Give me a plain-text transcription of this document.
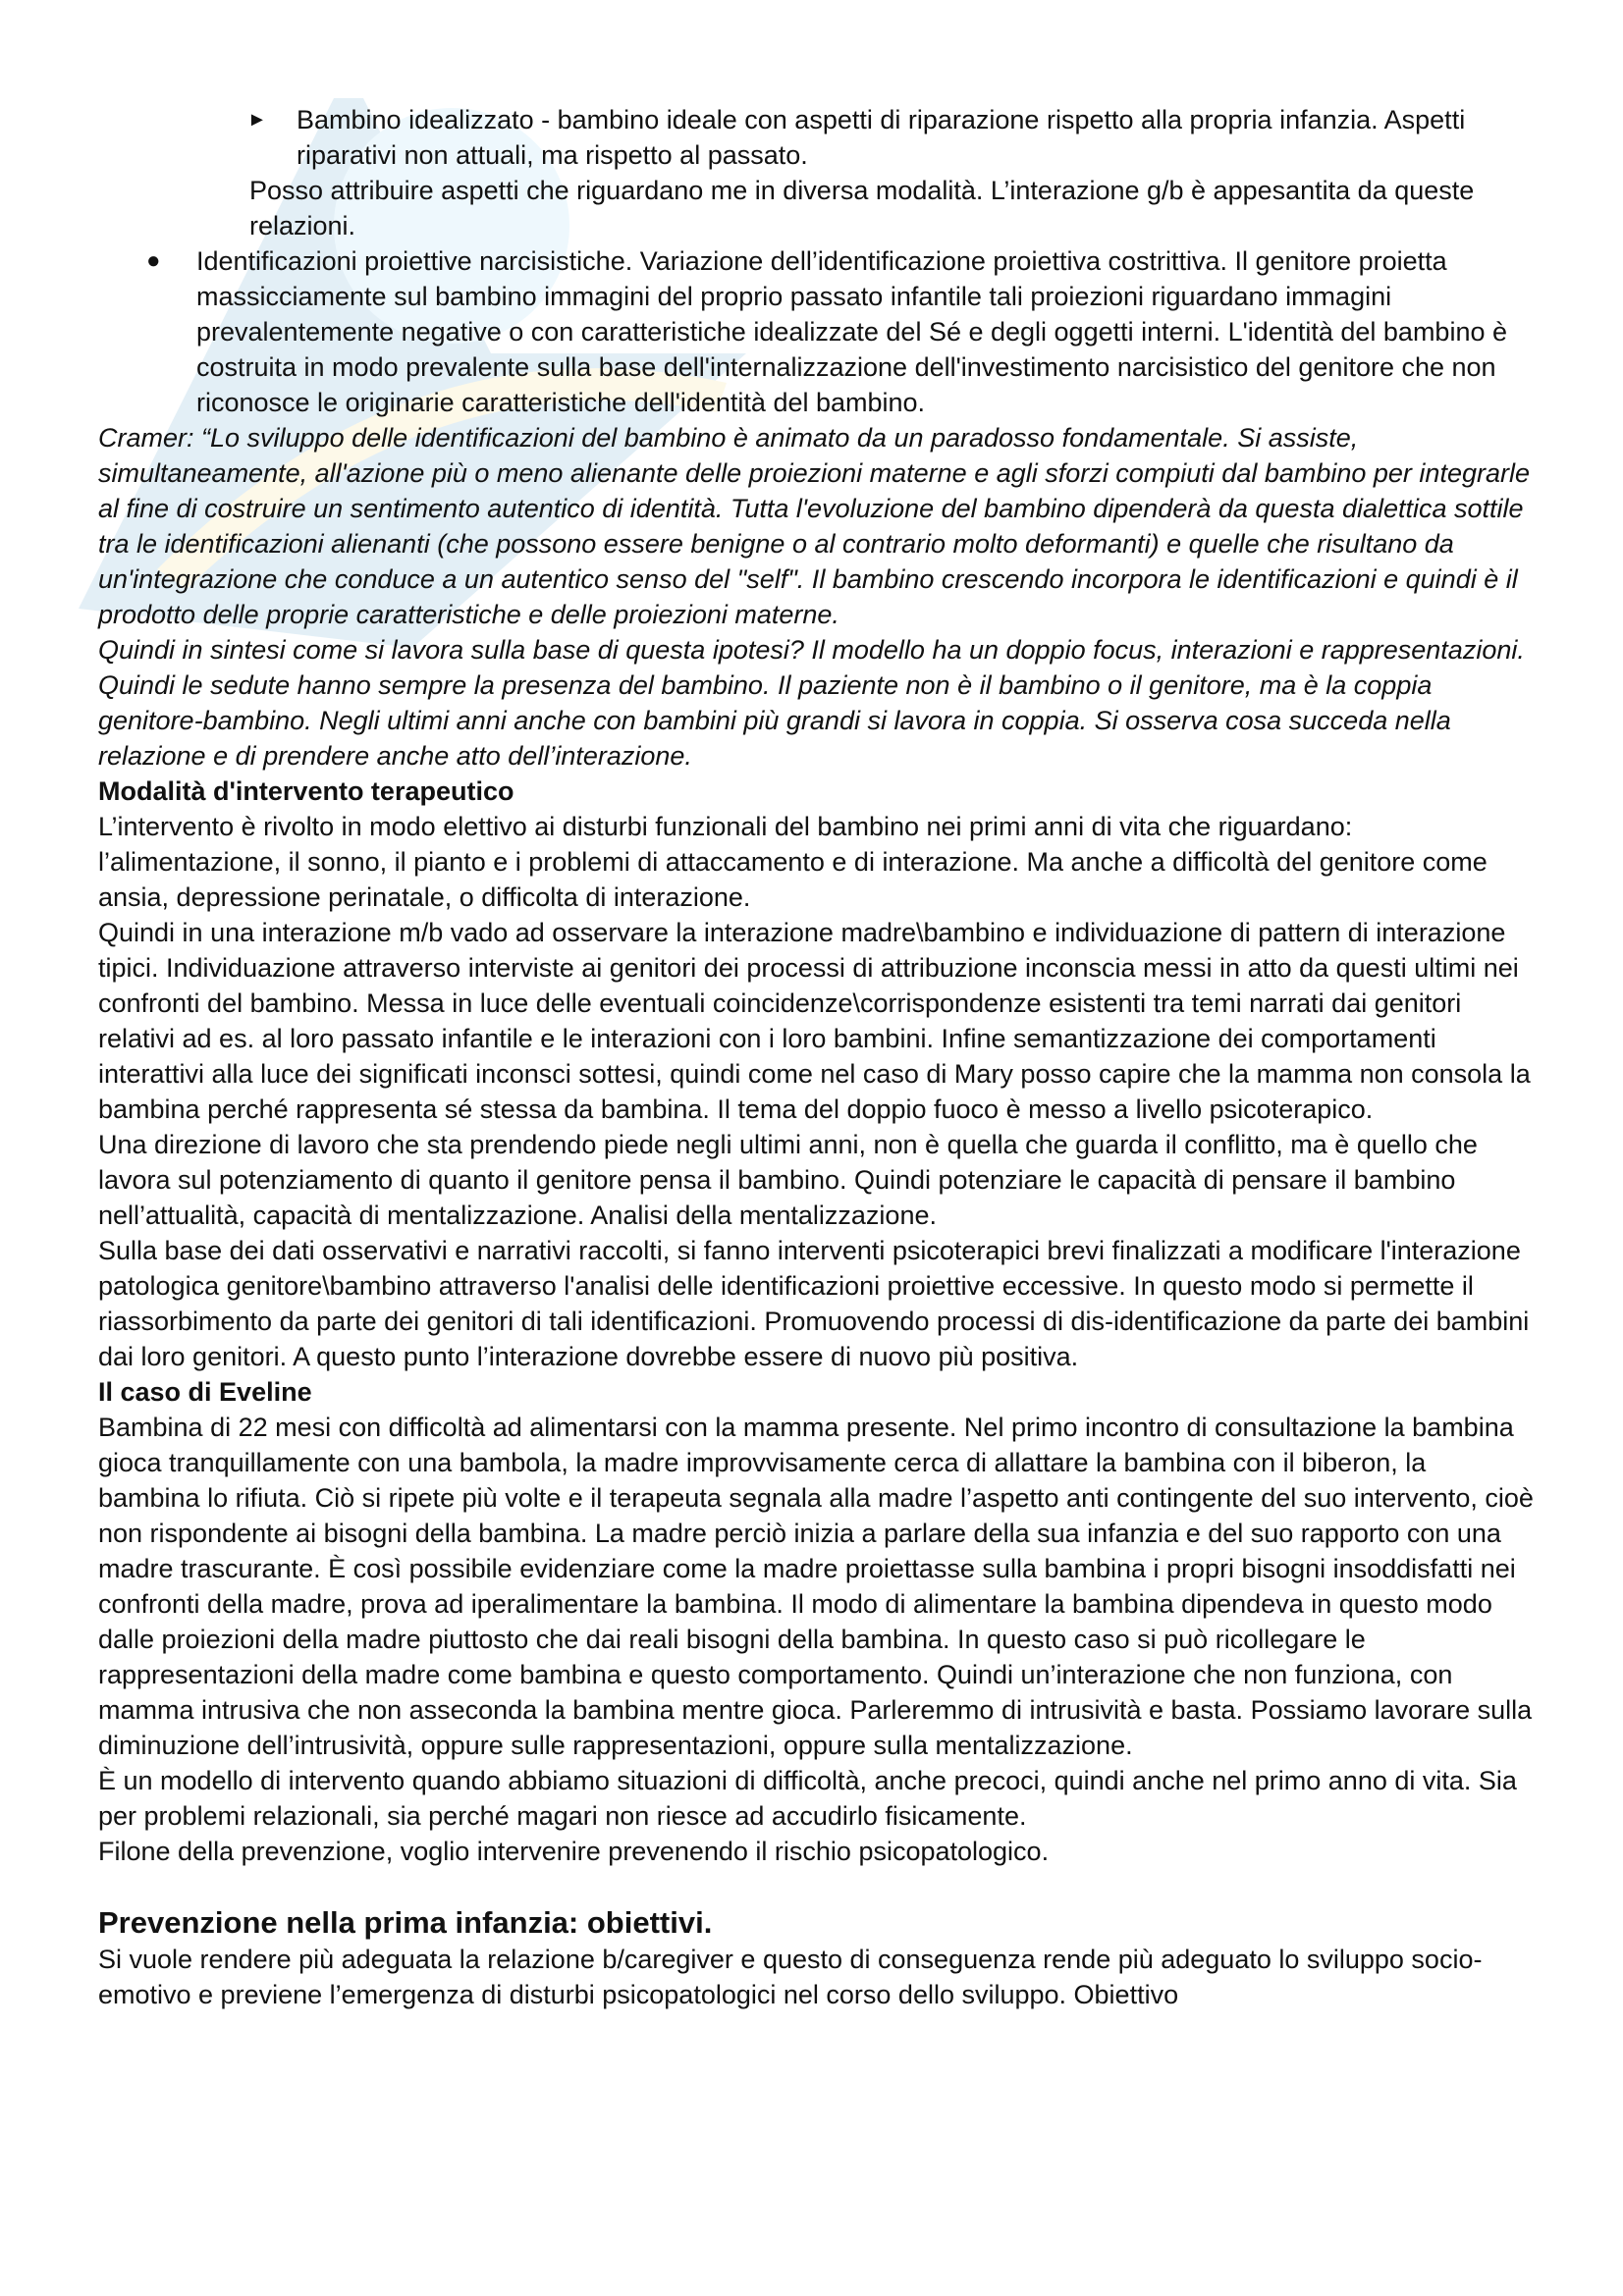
► Bambino idealizzato - bambino ideale con aspetti di riparazione rispetto alla propria infanzia. Aspetti riparativi non attuali, ma rispetto al passato.

Posso attribuire aspetti che riguardano me in diversa modalità. L’interazione g/b è appesantita da queste relazioni.

● Identificazioni proiettive narcisistiche. Variazione dell’identificazione proiettiva costrittiva. Il genitore proietta massicciamente sul bambino immagini del proprio passato infantile tali proiezioni riguardano immagini prevalentemente negative o con caratteristiche idealizzate del Sé e degli oggetti interni. L'identità del bambino è costruita in modo prevalente sulla base dell'internalizzazione dell'investimento narcisistico del genitore che non riconosce le originarie caratteristiche dell'identità del bambino.

Cramer: “Lo sviluppo delle identificazioni del bambino è animato da un paradosso fondamentale. Si assiste, simultaneamente, all'azione più o meno alienante delle proiezioni materne e agli sforzi compiuti dal bambino per integrarle al fine di costruire un sentimento autentico di identità. Tutta l'evoluzione del bambino dipenderà da questa dialettica sottile tra le identificazioni alienanti (che possono essere benigne o al contrario molto deformanti) e quelle che risultano da un'integrazione che conduce a un autentico senso del "self". Il bambino crescendo incorpora le identificazioni e quindi è il prodotto delle proprie caratteristiche e delle proiezioni materne.

Quindi in sintesi come si lavora sulla base di questa ipotesi? Il modello ha un doppio focus, interazioni e rappresentazioni. Quindi le sedute hanno sempre la presenza del bambino. Il paziente non è il bambino o il genitore, ma è la coppia genitore-bambino. Negli ultimi anni anche con bambini più grandi si lavora in coppia. Si osserva cosa succeda nella relazione e di prendere anche atto dell’interazione.

Modalità d'intervento terapeutico

L’intervento è rivolto in modo elettivo ai disturbi funzionali del bambino nei primi anni di vita che riguardano: l’alimentazione, il sonno, il pianto e i problemi di attaccamento e di interazione. Ma anche a difficoltà del genitore come ansia, depressione perinatale, o difficolta di interazione.

Quindi in una interazione m/b vado ad osservare la interazione madre\bambino e individuazione di pattern di interazione tipici. Individuazione attraverso interviste ai genitori dei processi di attribuzione inconscia messi in atto da questi ultimi nei confronti del bambino. Messa in luce delle eventuali coincidenze\corrispondenze esistenti tra temi narrati dai genitori relativi ad es. al loro passato infantile e le interazioni con i loro bambini. Infine semantizzazione dei comportamenti interattivi alla luce dei significati inconsci sottesi, quindi come nel caso di Mary posso capire che la mamma non consola la bambina perché rappresenta sé stessa da bambina. Il tema del doppio fuoco è messo a livello psicoterapico.

Una direzione di lavoro che sta prendendo piede negli ultimi anni, non è quella che guarda il conflitto, ma è quello che lavora sul potenziamento di quanto il genitore pensa il bambino. Quindi potenziare le capacità di pensare il bambino nell’attualità, capacità di mentalizzazione. Analisi della mentalizzazione.

Sulla base dei dati osservativi e narrativi raccolti, si fanno interventi psicoterapici brevi finalizzati a modificare l'interazione patologica genitore\bambino attraverso l'analisi delle identificazioni proiettive eccessive. In questo modo si permette il riassorbimento da parte dei genitori di tali identificazioni. Promuovendo processi di dis-identificazione da parte dei bambini dai loro genitori. A questo punto l’interazione dovrebbe essere di nuovo più positiva.

Il caso di Eveline

Bambina di 22 mesi con difficoltà ad alimentarsi con la mamma presente. Nel primo incontro di consultazione la bambina gioca tranquillamente con una bambola, la madre improvvisamente cerca di allattare la bambina con il biberon, la bambina lo rifiuta. Ciò si ripete più volte e il terapeuta segnala alla madre l’aspetto anti contingente del suo intervento, cioè non rispondente ai bisogni della bambina. La madre perciò inizia a parlare della sua infanzia e del suo rapporto con una madre trascurante. È così possibile evidenziare come la madre proiettasse sulla bambina i propri bisogni insoddisfatti nei confronti della madre, prova ad iperalimentare la bambina. Il modo di alimentare la bambina dipendeva in questo modo dalle proiezioni della madre piuttosto che dai reali bisogni della bambina. In questo caso si può ricollegare le rappresentazioni della madre come bambina e questo comportamento. Quindi un’interazione che non funziona, con mamma intrusiva che non asseconda la bambina mentre gioca. Parleremmo di intrusività e basta. Possiamo lavorare sulla diminuzione dell’intrusività, oppure sulle rappresentazioni, oppure sulla mentalizzazione.

È un modello di intervento quando abbiamo situazioni di difficoltà, anche precoci, quindi anche nel primo anno di vita. Sia per problemi relazionali, sia perché magari non riesce ad accudirlo fisicamente.

Filone della prevenzione, voglio intervenire prevenendo il rischio psicopatologico.

Prevenzione nella prima infanzia: obiettivi.

Si vuole rendere più adeguata la relazione b/caregiver e questo di conseguenza rende più adeguato lo sviluppo socio-emotivo e previene l’emergenza di disturbi psicopatologici nel corso dello sviluppo. Obiettivo
